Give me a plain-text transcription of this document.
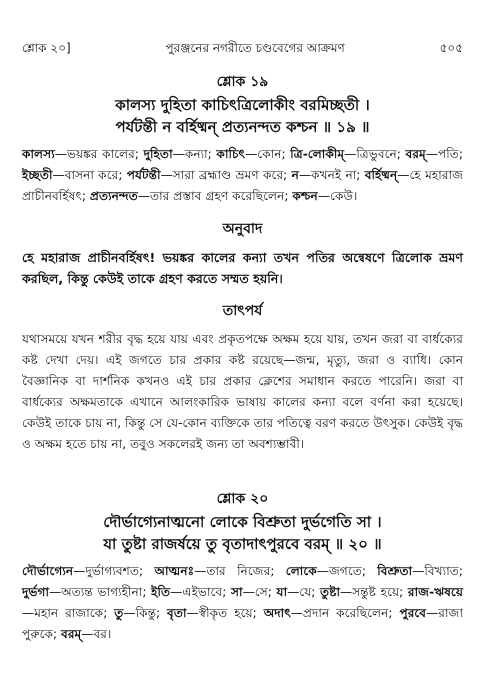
শ্লোক ২০]	পুরঞ্জনের নগরীতে চণ্ডবেগের আক্রমণ	৫০৫
শ্লোক ১৯
কালস্য দুহিতা কাচিৎত্রিলোকীং বরমিচ্ছতী ।
পর্যটন্তী ন বর্হিষ্মন্ প্রত্যনন্দত কশ্চন ॥ ১৯ ॥

কালস্য—ভয়ঙ্কর কালের; দুহিতা—কন্যা; কাচিৎ—কোন; ত্রি-লোকীম্—ত্রিভুবনে; বরম্—পতি; ইচ্ছতী—বাসনা করে; পর্যটন্তী—সারা ব্রহ্মাণ্ড ভ্রমণ করে; ন—কখনই না; বর্হিষ্মন্—হে মহারাজ প্রাচীনবর্হিষৎ; প্রত্যনন্দত—তার প্রস্তাব গ্রহণ করেছিলেন; কশ্চন—কেউ।

অনুবাদ

হে মহারাজ প্রাচীনবর্হিষৎ! ভয়ঙ্কর কালের কন্যা তখন পতির অন্বেষণে ত্রিলোক ভ্রমণ করছিল, কিন্তু কেউই তাকে গ্রহণ করতে সম্মত হয়নি।

তাৎপর্য

যথাসময়ে যখন শরীর বৃদ্ধ হয়ে যায় এবং প্রকৃতপক্ষে অক্ষম হয়ে যায়, তখন জরা বা বার্ধক্যের কষ্ট দেখা দেয়। এই জগতে চার প্রকার কষ্ট রয়েছে—জন্ম, মৃত্যু, জরা ও ব্যাধি। কোন বৈজ্ঞানিক বা দার্শনিক কখনও এই চার প্রকার ক্লেশের সমাধান করতে পারেনি। জরা বা বার্ধক্যের অক্ষমতাকে এখানে আলংকারিক ভাষায় কালের কন্যা বলে বর্ণনা করা হয়েছে। কেউই তাকে চায় না, কিন্তু সে যে-কোন ব্যক্তিকে তার পতিত্বে বরণ করতে উৎসুক। কেউই বৃদ্ধ ও অক্ষম হতে চায় না, তবুও সকলেরই জন্য তা অবশ্যম্ভাবী।

শ্লোক ২০
দৌর্ভাগ্যেনাত্মনো লোকে বিশ্রুতা দুর্ভগেতি সা ।
যা তুষ্টা রাজর্ষয়ে তু বৃতাদাৎপুরবে বরম্ ॥ ২০ ॥

দৌর্ভাগ্যেন—দুর্ভাগ্যবশত; আত্মনঃ—তার নিজের; লোকে—জগতে; বিশ্রুতা—বিখ্যাত; দুর্ভগা—অত্যন্ত ভাগ্যহীনা; ইতি—এইভাবে; সা—সে; যা—যে; তুষ্টা—সন্তুষ্ট হয়ে; রাজ-ঋষয়ে—মহান রাজাকে; তু—কিন্তু; বৃতা—স্বীকৃত হয়ে; অদাৎ—প্রদান করেছিলেন; পুরবে—রাজা পুরুকে; বরম্—বর।
